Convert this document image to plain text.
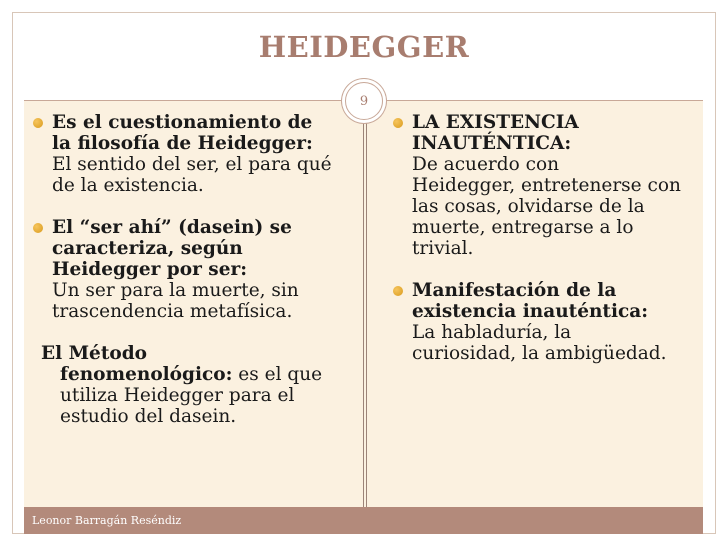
HEIDEGGER
9
Es el cuestionamiento de
la filosofía de Heidegger:
El sentido del ser, el para qué
de la existencia.
El “ser ahí” (dasein) se
caracteriza, según
Heidegger por ser:
Un ser para la muerte, sin
trascendencia metafísica.
El Método
fenomenológico: es el que
utiliza Heidegger para el
estudio del dasein.
LA EXISTENCIA
INAUTÉNTICA:
De acuerdo con
Heidegger, entretenerse con
las cosas, olvidarse de la
muerte, entregarse a lo trivial.
Manifestación de la
existencia inauténtica:
La habladuría, la
curiosidad, la ambigüedad.
Leonor Barragán Reséndiz
